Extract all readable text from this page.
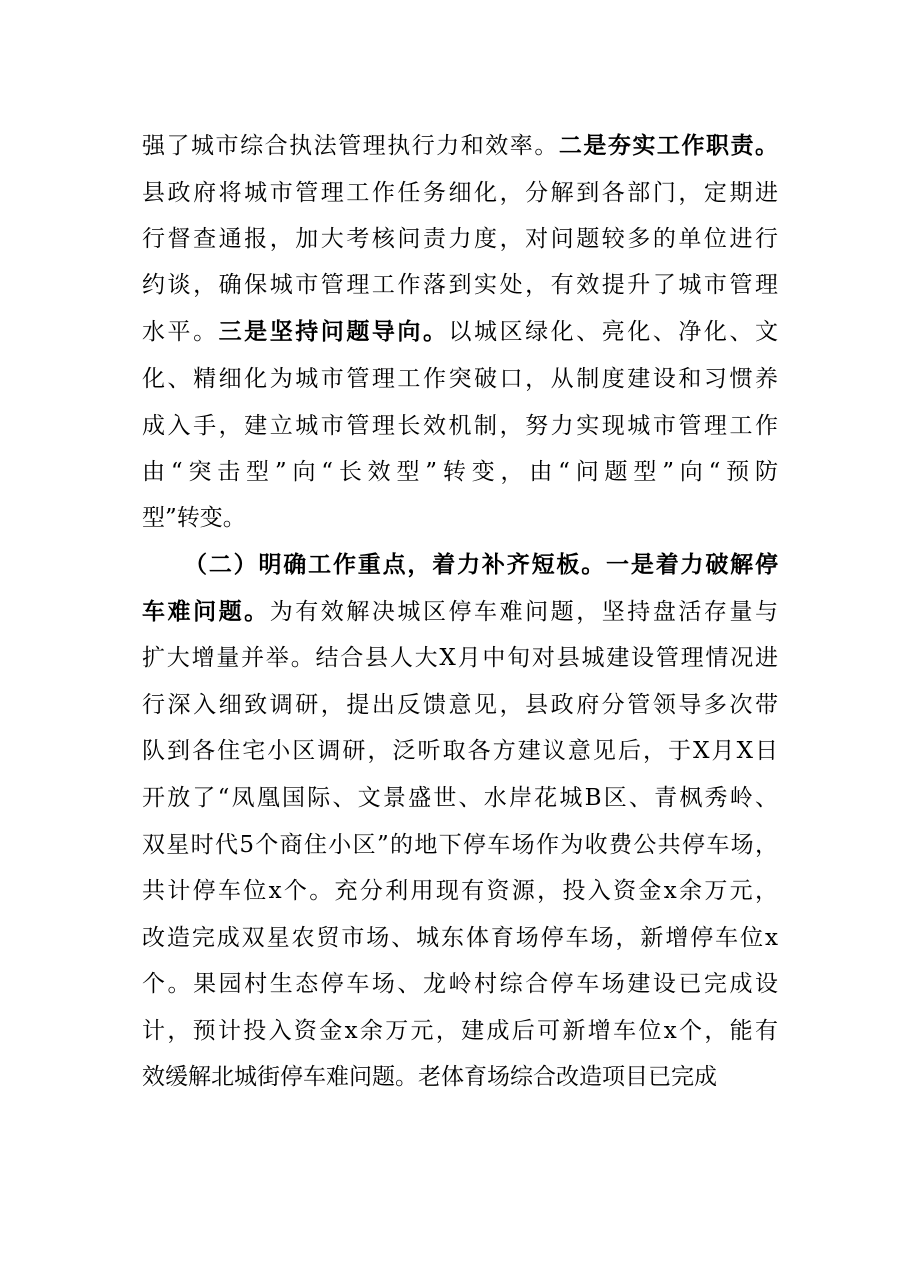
强了城市综合执法管理执行力和效率。二是夯实工作职责。
县政府将城市管理工作任务细化，分解到各部门，定期进
行督查通报，加大考核问责力度，对问题较多的单位进行
约谈，确保城市管理工作落到实处，有效提升了城市管理
水平。三是坚持问题导向。以城区绿化、亮化、净化、文
化、精细化为城市管理工作突破口，从制度建设和习惯养
成入手，建立城市管理长效机制，努力实现城市管理工作
由“突击型”向“长效型”转变，由“问题型”向“预防
型”转变。
（二）明确工作重点，着力补齐短板。一是着力破解停
车难问题。为有效解决城区停车难问题，坚持盘活存量与
扩大增量并举。结合县人大X月中旬对县城建设管理情况进
行深入细致调研，提出反馈意见，县政府分管领导多次带
队到各住宅小区调研，泛听取各方建议意见后，于X月X日
开放了“凤凰国际、文景盛世、水岸花城B区、青枫秀岭、
双星时代5个商住小区”的地下停车场作为收费公共停车场，
共计停车位x个。充分利用现有资源，投入资金x余万元，
改造完成双星农贸市场、城东体育场停车场，新增停车位x
个。果园村生态停车场、龙岭村综合停车场建设已完成设
计，预计投入资金x余万元，建成后可新增车位x个，能有
效缓解北城街停车难问题。老体育场综合改造项目已完成
